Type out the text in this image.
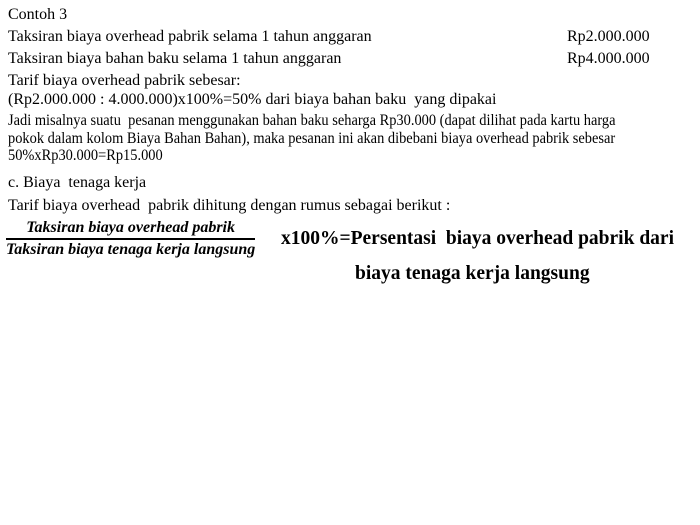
Contoh 3
Taksiran biaya overhead pabrik selama 1 tahun anggaran	Rp2.000.000
Taksiran biaya bahan baku selama 1 tahun anggaran	Rp4.000.000
Tarif biaya overhead pabrik sebesar:
(Rp2.000.000 : 4.000.000)x100%=50% dari biaya bahan baku  yang dipakai
Jadi misalnya suatu  pesanan menggunakan bahan baku seharga Rp30.000 (dapat dilihat pada kartu harga
pokok dalam kolom Biaya Bahan Bahan), maka pesanan ini akan dibebani biaya overhead pabrik sebesar
50%xRp30.000=Rp15.000
c. Biaya  tenaga kerja
Tarif biaya overhead  pabrik dihitung dengan rumus sebagai berikut :
Taksiran biaya overhead pabrik
Taksiran biaya tenaga kerja langsung
x100%=Persentasi  biaya overhead pabrik dari
biaya tenaga kerja langsung
